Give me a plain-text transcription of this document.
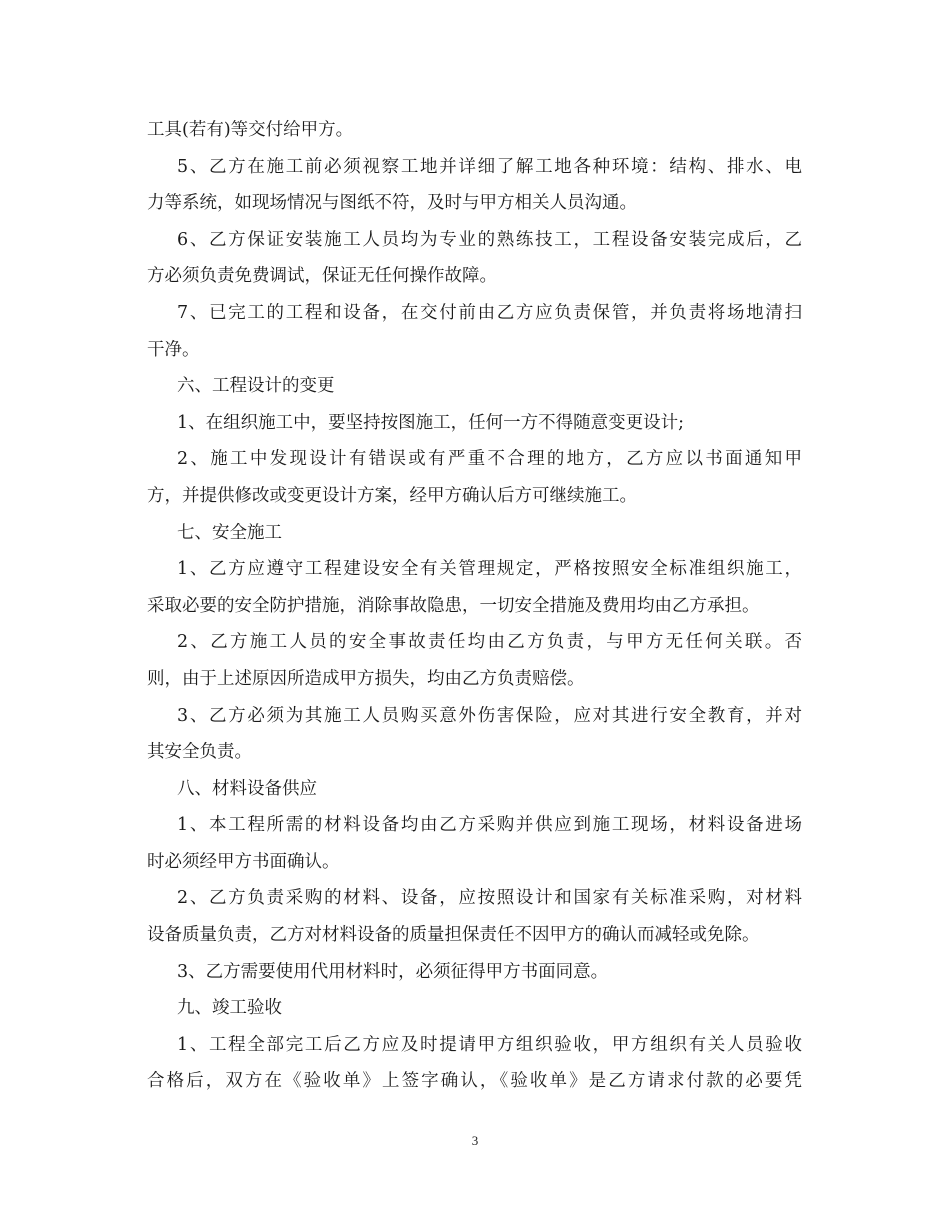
工具(若有)等交付给甲方。
5、乙方在施工前必须视察工地并详细了解工地各种环境：结构、排水、电
力等系统，如现场情况与图纸不符，及时与甲方相关人员沟通。
6、乙方保证安装施工人员均为专业的熟练技工，工程设备安装完成后，乙
方必须负责免费调试，保证无任何操作故障。
7、已完工的工程和设备，在交付前由乙方应负责保管，并负责将场地清扫
干净。
六、工程设计的变更
1、在组织施工中，要坚持按图施工，任何一方不得随意变更设计;
2、施工中发现设计有错误或有严重不合理的地方，乙方应以书面通知甲
方，并提供修改或变更设计方案，经甲方确认后方可继续施工。
七、安全施工
1、乙方应遵守工程建设安全有关管理规定，严格按照安全标准组织施工，
采取必要的安全防护措施，消除事故隐患，一切安全措施及费用均由乙方承担。
2、乙方施工人员的安全事故责任均由乙方负责，与甲方无任何关联。否
则，由于上述原因所造成甲方损失，均由乙方负责赔偿。
3、乙方必须为其施工人员购买意外伤害保险，应对其进行安全教育，并对
其安全负责。
八、材料设备供应
1、本工程所需的材料设备均由乙方采购并供应到施工现场，材料设备进场
时必须经甲方书面确认。
2、乙方负责采购的材料、设备，应按照设计和国家有关标准采购，对材料
设备质量负责，乙方对材料设备的质量担保责任不因甲方的确认而减轻或免除。
3、乙方需要使用代用材料时，必须征得甲方书面同意。
九、竣工验收
1、工程全部完工后乙方应及时提请甲方组织验收，甲方组织有关人员验收
合格后，双方在《验收单》上签字确认，《验收单》是乙方请求付款的必要凭
3
